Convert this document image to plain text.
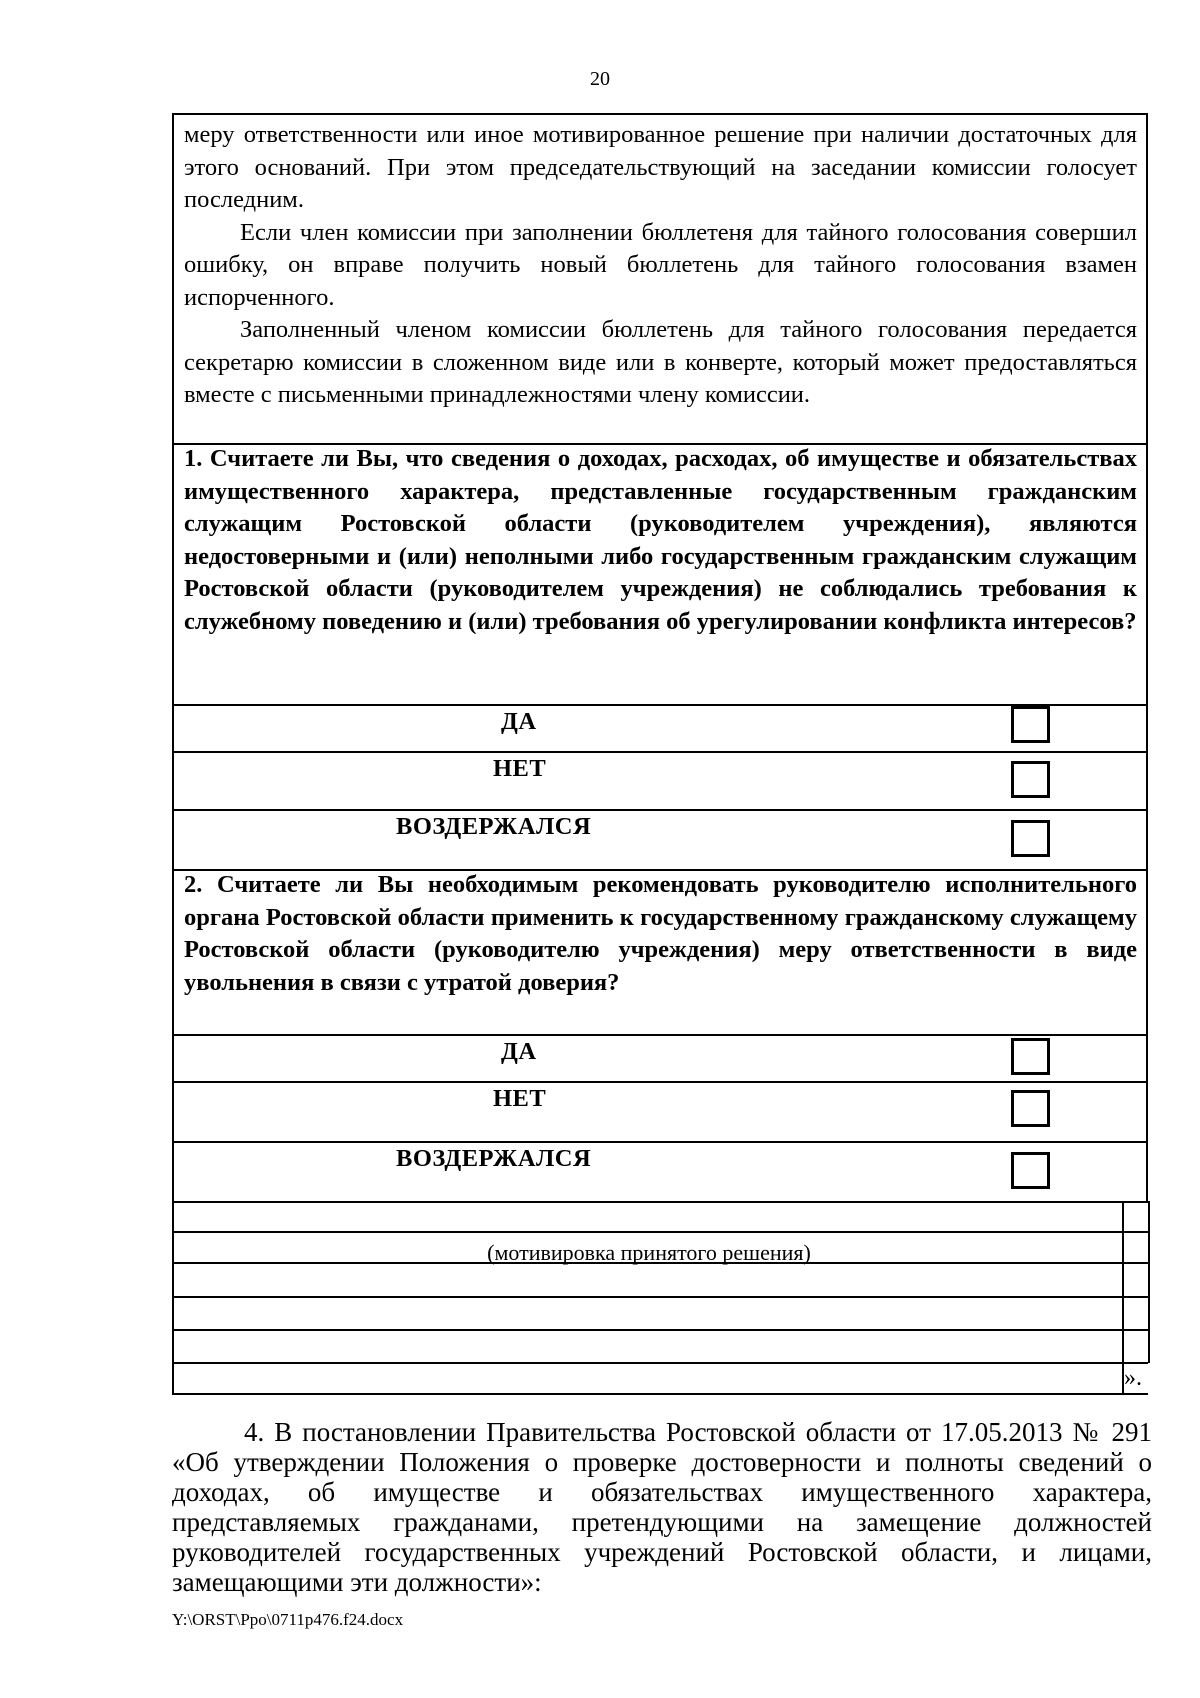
20

меру ответственности или иное мотивированное решение при наличии достаточных для этого оснований. При этом председательствующий на заседании комиссии голосует последним.

Если член комиссии при заполнении бюллетеня для тайного голосования совершил ошибку, он вправе получить новый бюллетень для тайного голосования взамен испорченного.

Заполненный членом комиссии бюллетень для тайного голосования передается секретарю комиссии в сложенном виде или в конверте, который может предоставляться вместе с письменными принадлежностями члену комиссии.

1. Считаете ли Вы, что сведения о доходах, расходах, об имуществе и обязательствах имущественного характера, представленные государственным гражданским служащим Ростовской области (руководителем учреждения), являются недостоверными и (или) неполными либо государственным гражданским служащим Ростовской области (руководителем учреждения) не соблюдались требования к служебному поведению и (или) требования об урегулировании конфликта интересов?
ДА
НЕТ
ВОЗДЕРЖАЛСЯ
2. Считаете ли Вы необходимым рекомендовать руководителю исполнительного органа Ростовской области применить к государственному гражданскому служащему Ростовской области (руководителю учреждения) меру ответственности в виде увольнения в связи с утратой доверия?
ДА
НЕТ
ВОЗДЕРЖАЛСЯ
(мотивировка принятого решения)
».

4. В постановлении Правительства Ростовской области от 17.05.2013 № 291 «Об утверждении Положения о проверке достоверности и полноты сведений о доходах, об имуществе и обязательствах имущественного характера, представляемых гражданами, претендующими на замещение должностей руководителей государственных учреждений Ростовской области, и лицами, замещающими эти должности»:

Y:\ORST\Ppo\0711p476.f24.docx
